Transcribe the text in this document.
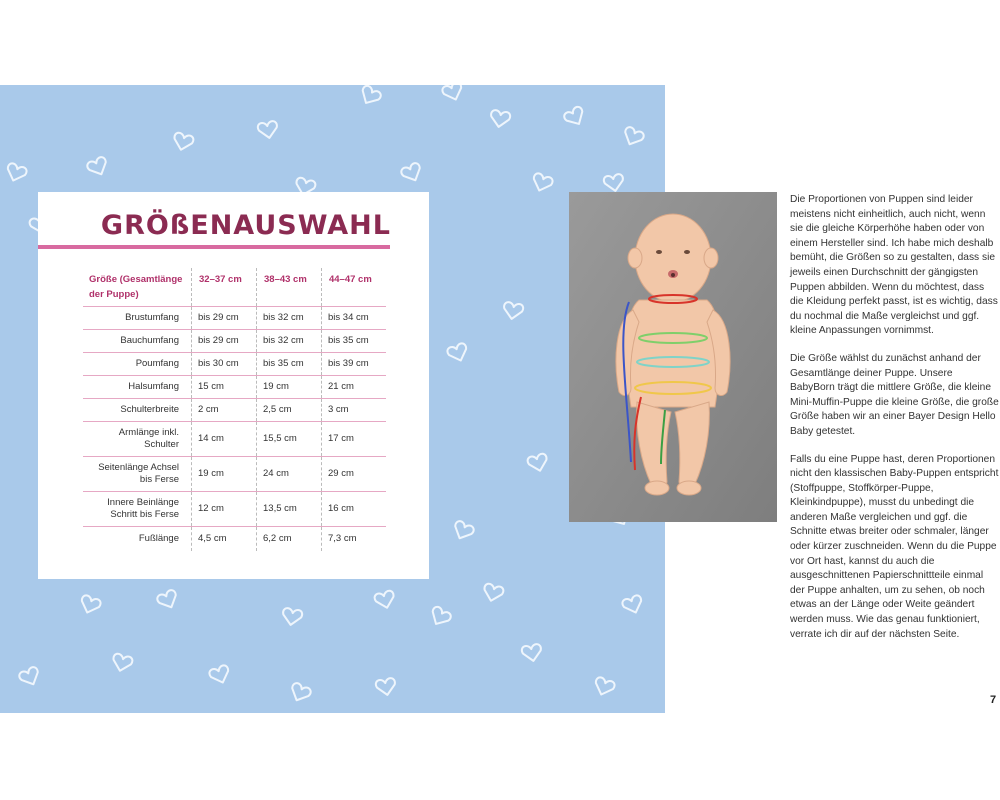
GRÖßENAUSWAHL
Größe (Gesamtlänge der Puppe)	32–37 cm	38–43 cm	44–47 cm
Brustumfang	bis 29 cm	bis 32 cm	bis 34 cm
Bauchumfang	bis 29 cm	bis 32 cm	bis 35 cm
Poumfang	bis 30 cm	bis 35 cm	bis 39 cm
Halsumfang	15 cm	19 cm	21 cm
Schulterbreite	2 cm	2,5 cm	3 cm
Armlänge inkl. Schulter	14 cm	15,5 cm	17 cm
Seitenlänge Achsel bis Ferse	19 cm	24 cm	29 cm
Innere Beinlänge Schritt bis Ferse	12 cm	13,5 cm	16 cm
Fußlänge	4,5 cm	6,2 cm	7,3 cm

Die Proportionen von Puppen sind leider meistens nicht einheitlich, auch nicht, wenn sie die gleiche Körperhöhe haben oder von einem Hersteller sind. Ich habe mich deshalb bemüht, die Größen so zu gestalten, dass sie jeweils einen Durchschnitt der gängigsten Puppen abbilden. Wenn du möchtest, dass die Kleidung perfekt passt, ist es wichtig, dass du nochmal die Maße vergleichst und ggf. kleine Anpassungen vornimmst.

Die Größe wählst du zunächst anhand der Gesamtlänge deiner Puppe. Unsere BabyBorn trägt die mittlere Größe, die kleine Mini-Muffin-Puppe die kleine Größe, die große Größe haben wir an einer Bayer Design Hello Baby getestet.

Falls du eine Puppe hast, deren Proportionen nicht den klassischen Baby-Puppen entspricht (Stoffpuppe, Stoffkörper-Puppe, Kleinkindpuppe), musst du unbedingt die anderen Maße vergleichen und ggf. die Schnitte etwas breiter oder schmaler, länger oder kürzer zuschneiden. Wenn du die Puppe vor Ort hast, kannst du auch die ausgeschnittenen Papierschnittteile einmal der Puppe anhalten, um zu sehen, ob noch etwas an der Länge oder Weite geändert werden muss. Wie das genau funktioniert, verrate ich dir auf der nächsten Seite.

7
